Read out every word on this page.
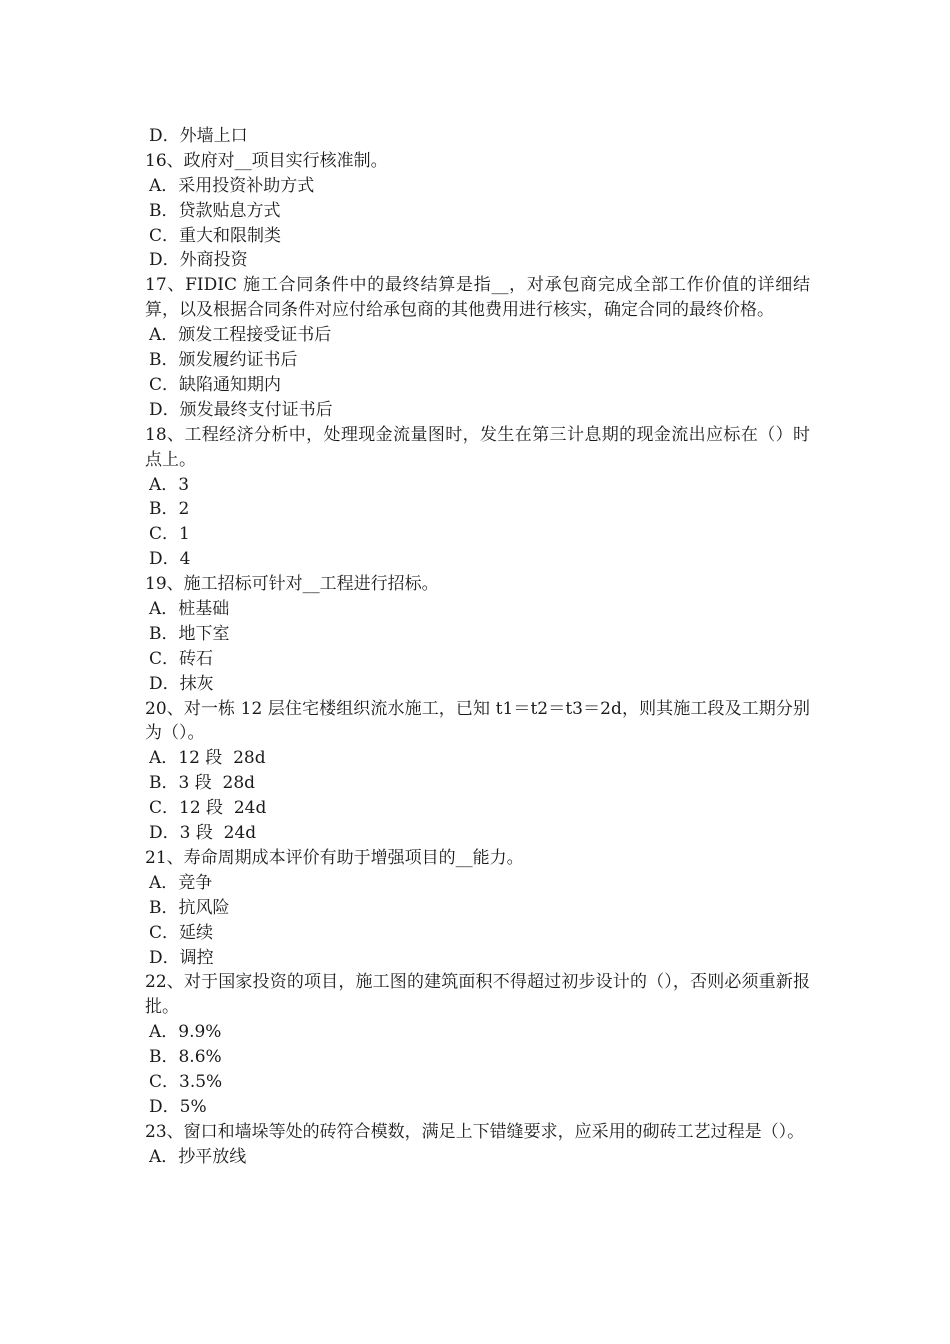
D．外墙上口
16、政府对__项目实行核准制。
A．采用投资补助方式
B．贷款贴息方式
C．重大和限制类
D．外商投资
17、FIDIC 施工合同条件中的最终结算是指__，对承包商完成全部工作价值的详细结算，以及根据合同条件对应付给承包商的其他费用进行核实，确定合同的最终价格。
A．颁发工程接受证书后
B．颁发履约证书后
C．缺陷通知期内
D．颁发最终支付证书后
18、工程经济分析中，处理现金流量图时，发生在第三计息期的现金流出应标在（）时点上。
A．3
B．2
C．1
D．4
19、施工招标可针对__工程进行招标。
A．桩基础
B．地下室
C．砖石
D．抹灰
20、对一栋 12 层住宅楼组织流水施工，已知 t1＝t2＝t3＝2d，则其施工段及工期分别为（）。
A．12 段  28d
B．3 段  28d
C．12 段  24d
D．3 段  24d
21、寿命周期成本评价有助于增强项目的__能力。
A．竞争
B．抗风险
C．延续
D．调控
22、对于国家投资的项目，施工图的建筑面积不得超过初步设计的（），否则必须重新报批。
A．9.9%
B．8.6%
C．3.5%
D．5%
23、窗口和墙垛等处的砖符合模数，满足上下错缝要求，应采用的砌砖工艺过程是（）。
A．抄平放线
